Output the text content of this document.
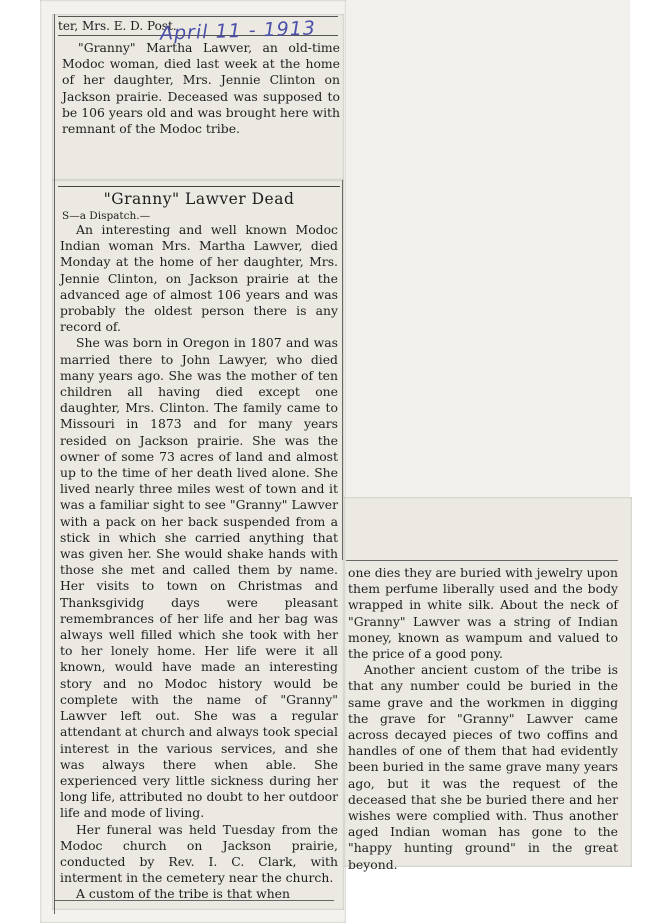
ter, Mrs. E. D. Post.
April 11 - 1913

"Granny" Martha Lawver, an old-time Modoc woman, died last week at the home of her daughter, Mrs. Jennie Clinton on Jackson prairie. Deceased was supposed to be 106 years old and was brought here with remnant of the Modoc tribe.

"Granny" Lawver Dead
S—a Dispatch.—

An interesting and well known Modoc Indian woman Mrs. Martha Lawver, died Monday at the home of her daughter, Mrs. Jennie Clinton, on Jackson prairie at the advanced age of almost 106 years and was probably the oldest person there is any record of.

She was born in Oregon in 1807 and was married there to John Lawyer, who died many years ago. She was the mother of ten children all having died except one daughter, Mrs. Clinton. The family came to Missouri in 1873 and for many years resided on Jackson prairie. She was the owner of some 73 acres of land and almost up to the time of her death lived alone. She lived nearly three miles west of town and it was a familiar sight to see "Granny" Lawver with a pack on her back suspended from a stick in which she carried anything that was given her. She would shake hands with those she met and called them by name. Her visits to town on Christmas and Thanksgividg days were pleasant remembrances of her life and her bag was always well filled which she took with her to her lonely home. Her life were it all known, would have made an interesting story and no Modoc history would be complete with the name of "Granny" Lawver left out. She was a regular attendant at church and always took special interest in the various services, and she was always there when able. She experienced very little sickness during her long life, attributed no doubt to her outdoor life and mode of living.

Her funeral was held Tuesday from the Modoc church on Jackson prairie, conducted by Rev. I. C. Clark, with interment in the cemetery near the church.

A custom of the tribe is that when

one dies they are buried with jewelry upon them perfume liberally used and the body wrapped in white silk. About the neck of "Granny" Lawver was a string of Indian money, known as wampum and valued to the price of a good pony.

Another ancient custom of the tribe is that any number could be buried in the same grave and the workmen in digging the grave for "Granny" Lawver came across decayed pieces of two coffins and handles of one of them that had evidently been buried in the same grave many years ago, but it was the request of the deceased that she be buried there and her wishes were complied with. Thus another aged Indian woman has gone to the "happy hunting ground" in the great beyond.
